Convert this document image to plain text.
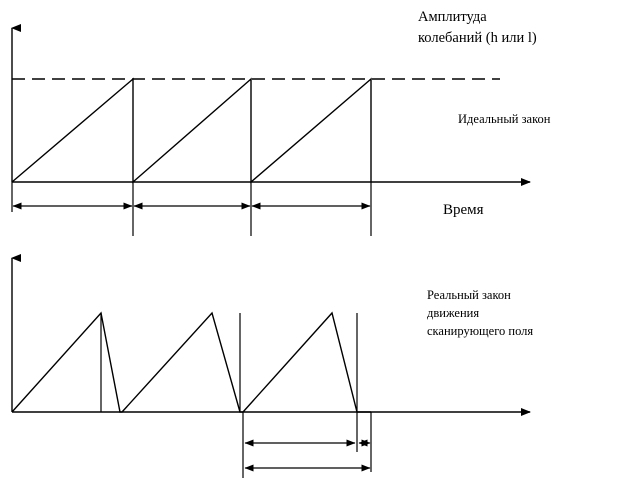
Амплитуда
колебаний (h или l)
Идеальный закон
Время
Реальный закон
движения
сканирующего поля
